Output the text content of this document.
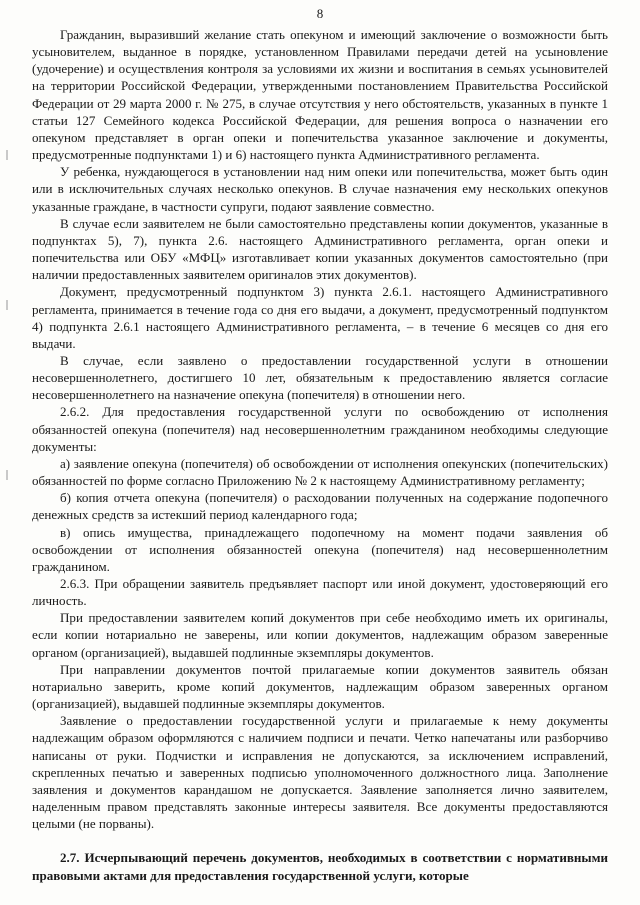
8

Гражданин, выразивший желание стать опекуном и имеющий заключение о возможности быть усыновителем, выданное в порядке, установленном Правилами передачи детей на усыновление (удочерение) и осуществления контроля за условиями их жизни и воспитания в семьях усыновителей на территории Российской Федерации, утвержденными постановлением Правительства Российской Федерации от 29 марта 2000 г. № 275, в случае отсутствия у него обстоятельств, указанных в пункте 1 статьи 127 Семейного кодекса Российской Федерации, для решения вопроса о назначении его опекуном представляет в орган опеки и попечительства указанное заключение и документы, предусмотренные подпунктами 1) и 6) настоящего пункта Административного регламента.

У ребенка, нуждающегося в установлении над ним опеки или попечительства, может быть один или в исключительных случаях несколько опекунов. В случае назначения ему нескольких опекунов указанные граждане, в частности супруги, подают заявление совместно.

В случае если заявителем не были самостоятельно представлены копии документов, указанные в подпунктах 5), 7), пункта 2.6. настоящего Административного регламента, орган опеки и попечительства или ОБУ «МФЦ» изготавливает копии указанных документов самостоятельно (при наличии предоставленных заявителем оригиналов этих документов).

Документ, предусмотренный подпунктом 3) пункта 2.6.1. настоящего Административного регламента, принимается в течение года со дня его выдачи, а документ, предусмотренный подпунктом 4) подпункта 2.6.1 настоящего Административного регламента, – в течение 6 месяцев со дня его выдачи.

В случае, если заявлено о предоставлении государственной услуги в отношении несовершеннолетнего, достигшего 10 лет, обязательным к предоставлению является согласие несовершеннолетнего на назначение опекуна (попечителя) в отношении него.

2.6.2. Для предоставления государственной услуги по освобождению от исполнения обязанностей опекуна (попечителя) над несовершеннолетним гражданином необходимы следующие документы:

а) заявление опекуна (попечителя) об освобождении от исполнения опекунских (попечительских) обязанностей по форме согласно Приложению № 2 к настоящему Административному регламенту;

б) копия отчета опекуна (попечителя) о расходовании полученных на содержание подопечного денежных средств за истекший период календарного года;

в) опись имущества, принадлежащего подопечному на момент подачи заявления об освобождении от исполнения обязанностей опекуна (попечителя) над несовершеннолетним гражданином.

2.6.3. При обращении заявитель предъявляет паспорт или иной документ, удостоверяющий его личность.

При предоставлении заявителем копий документов при себе необходимо иметь их оригиналы, если копии нотариально не заверены, или копии документов, надлежащим образом заверенные органом (организацией), выдавшей подлинные экземпляры документов.

При направлении документов почтой прилагаемые копии документов заявитель обязан нотариально заверить, кроме копий документов, надлежащим образом заверенных органом (организацией), выдавшей подлинные экземпляры документов.

Заявление о предоставлении государственной услуги и прилагаемые к нему документы надлежащим образом оформляются с наличием подписи и печати. Четко напечатаны или разборчиво написаны от руки. Подчистки и исправления не допускаются, за исключением исправлений, скрепленных печатью и заверенных подписью уполномоченного должностного лица. Заполнение заявления и документов карандашом не допускается. Заявление заполняется лично заявителем, наделенным правом представлять законные интересы заявителя. Все документы предоставляются целыми (не порваны).

2.7. Исчерпывающий перечень документов, необходимых в соответствии с нормативными правовыми актами для предоставления государственной услуги, которые
